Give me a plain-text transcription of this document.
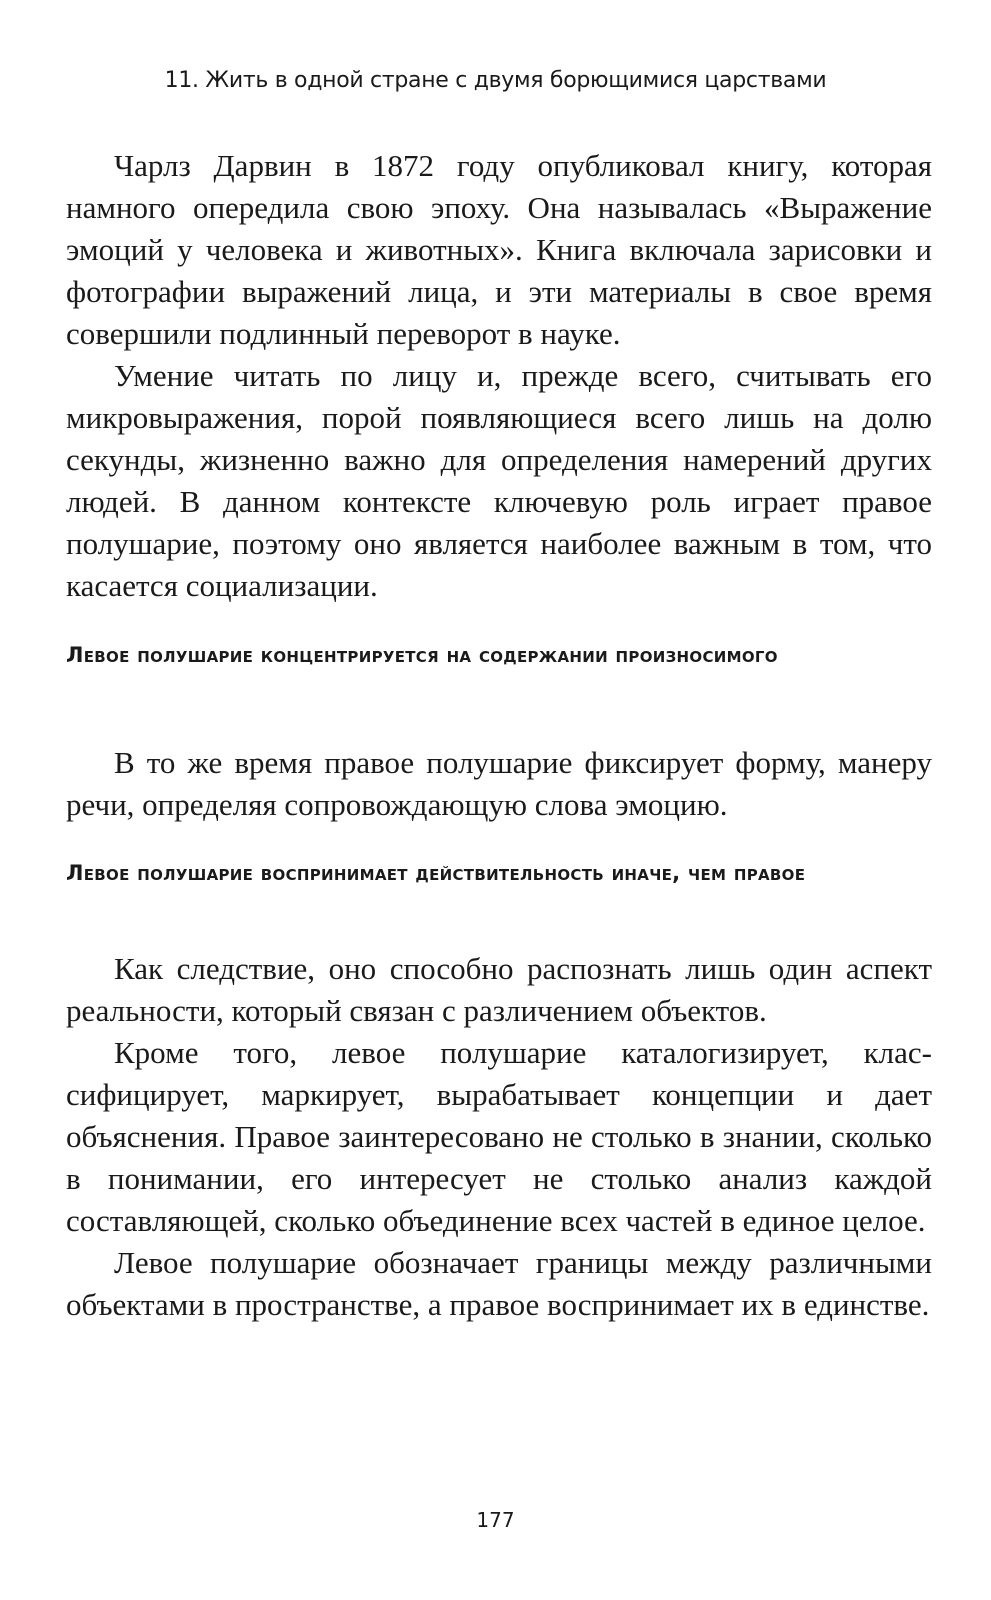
11. Жить в одной стране с двумя борющимися царствами

Чарлз Дарвин в 1872 году опубликовал книгу, которая намного опередила свою эпоху. Она называлась «Выражение эмоций у человека и животных». Книга включала зарисовки и фотографии выражений лица, и эти материалы в свое время совершили подлинный переворот в науке.

Умение читать по лицу и, прежде всего, считывать его микровыражения, порой появляющиеся всего лишь на долю секунды, жизненно важно для определения намерений других людей. В данном контексте ключевую роль играет правое полушарие, поэтому оно является наиболее важным в том, что касается социализации.

Левое полушарие концентрируется на содержании произносимого

В то же время правое полушарие фиксирует форму, манеру речи, определяя сопровождающую слова эмоцию.

Левое полушарие воспринимает действительность иначе, чем правое

Как следствие, оно способно распознать лишь один аспект реальности, который связан с различением объектов.

Кроме того, левое полушарие каталогизирует, классифицирует, маркирует, вырабатывает концепции и дает объяснения. Правое заинтересовано не столько в знании, сколько в понимании, его интересует не столько анализ каждой составляющей, сколько объединение всех частей в единое целое.

Левое полушарие обозначает границы между различными объектами в пространстве, а правое воспринимает их в единстве.

177
